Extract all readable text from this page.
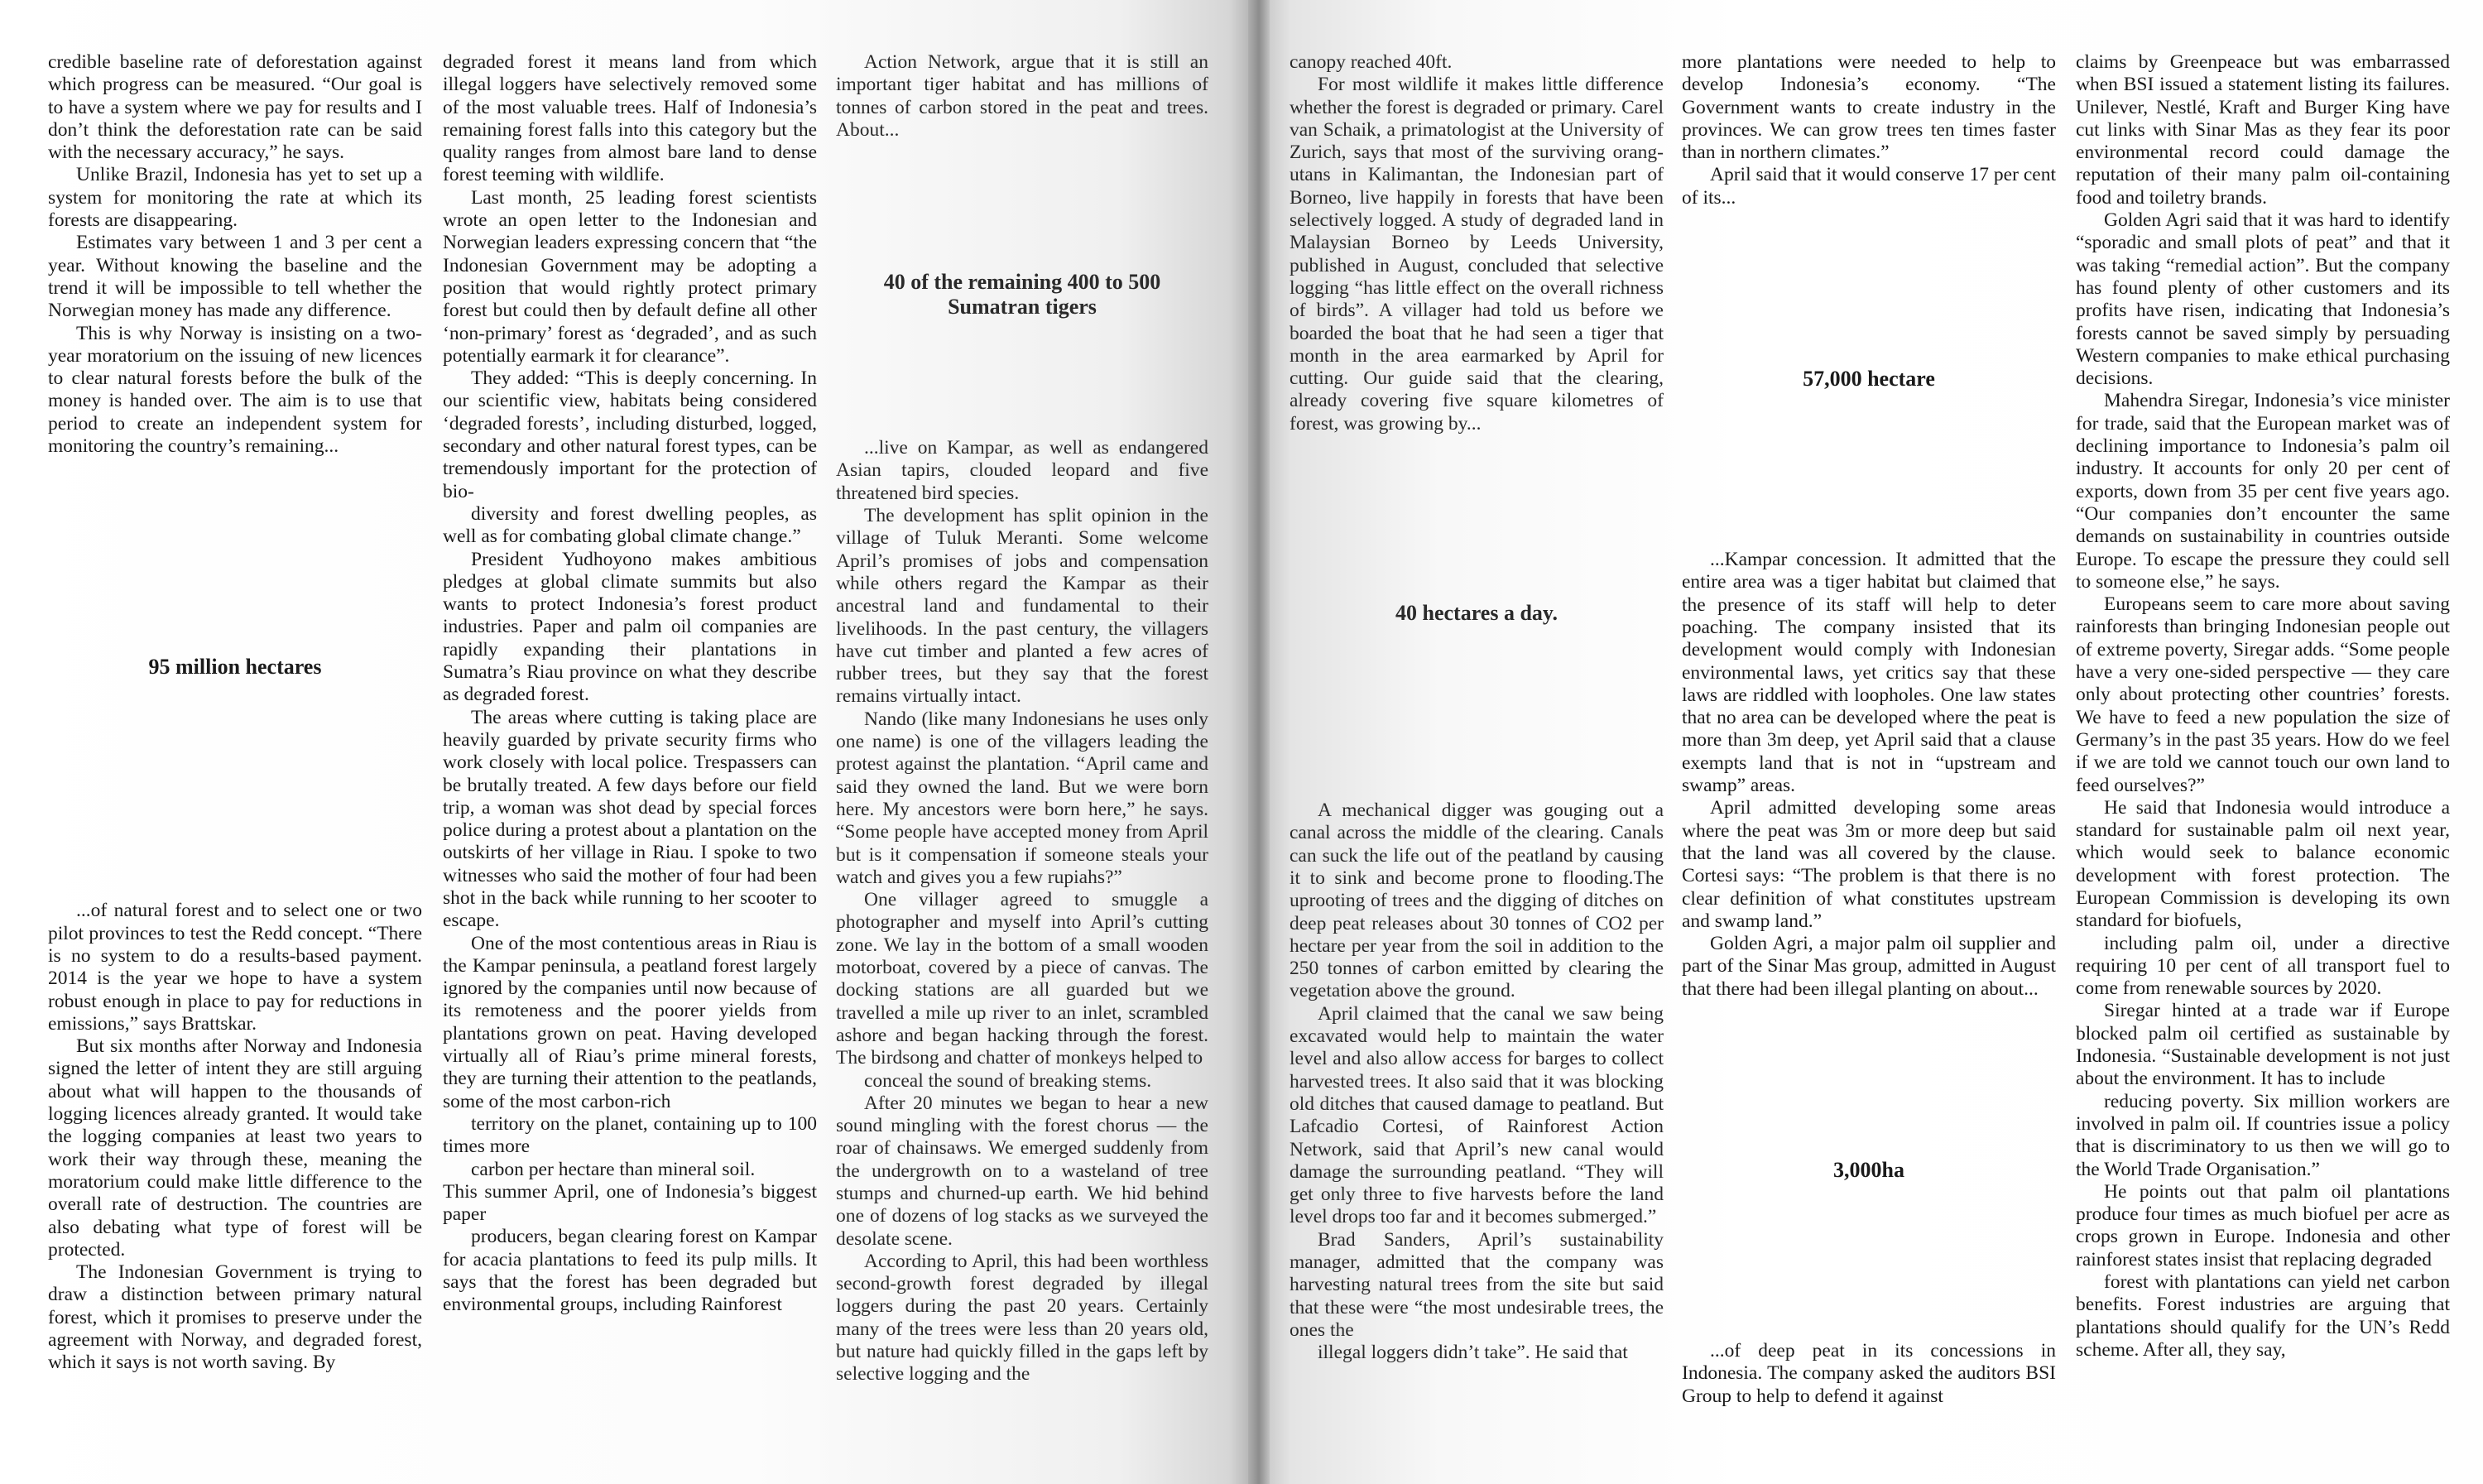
credible baseline rate of deforestation against which progress can be measured. “Our goal is to have a system where we pay for results and I don’t think the deforestation rate can be said with the necessary accuracy,” he says.

Unlike Brazil, Indonesia has yet to set up a system for monitoring the rate at which its forests are disappearing.

Estimates vary between 1 and 3 per cent a year. Without knowing the baseline and the trend it will be impossible to tell whether the Norwegian money has made any difference.

This is why Norway is insisting on a two-year moratorium on the issuing of new licences to clear natural forests before the bulk of the money is handed over. The aim is to use that period to create an independent system for monitoring the country’s remaining...

95 million hectares

...of natural forest and to select one or two pilot provinces to test the Redd concept. “There is no system to do a results-based payment. 2014 is the year we hope to have a system robust enough in place to pay for reductions in emissions,” says Brattskar.

But six months after Norway and Indonesia signed the letter of intent they are still arguing about what will happen to the thousands of logging licences already granted. It would take the logging companies at least two years to work their way through these, meaning the moratorium could make little difference to the overall rate of destruction. The countries are also debating what type of forest will be protected.

The Indonesian Government is trying to draw a distinction between primary natural forest, which it promises to preserve under the agreement with Norway, and degraded forest, which it says is not worth saving. By

degraded forest it means land from which illegal loggers have selectively removed some of the most valuable trees. Half of Indonesia’s remaining forest falls into this category but the quality ranges from almost bare land to dense forest teeming with wildlife.

Last month, 25 leading forest scientists wrote an open letter to the Indonesian and Norwegian leaders expressing concern that “the Indonesian Government may be adopting a position that would rightly protect primary forest but could then by default define all other ‘non-primary’ forest as ‘degraded’, and as such potentially earmark it for clearance”.

They added: “This is deeply concerning. In our scientific view, habitats being considered ‘degraded forests’, including disturbed, logged, secondary and other natural forest types, can be tremendously important for the protection of bio-

diversity and forest dwelling peoples, as well as for combating global climate change.”

President Yudhoyono makes ambitious pledges at global climate summits but also wants to protect Indonesia’s forest product industries. Paper and palm oil companies are rapidly expanding their plantations in Sumatra’s Riau province on what they describe as degraded forest.

The areas where cutting is taking place are heavily guarded by private security firms who work closely with local police. Trespassers can be brutally treated. A few days before our field trip, a woman was shot dead by special forces police during a protest about a plantation on the outskirts of her village in Riau. I spoke to two witnesses who said the mother of four had been shot in the back while running to her scooter to escape.

One of the most contentious areas in Riau is the Kampar peninsula, a peatland forest largely ignored by the companies until now because of its remoteness and the poorer yields from plantations grown on peat. Having developed virtually all of Riau’s prime mineral forests, they are turning their attention to the peatlands, some of the most carbon-rich

territory on the planet, containing up to 100 times more

carbon per hectare than mineral soil.

This summer April, one of Indonesia’s biggest paper

producers, began clearing forest on Kampar for acacia plantations to feed its pulp mills. It says that the forest has been degraded but environmental groups, including Rainforest

Action Network, argue that it is still an important tiger habitat and has millions of tonnes of carbon stored in the peat and trees. About...

40 of the remaining 400 to 500 Sumatran tigers

...live on Kampar, as well as endangered Asian tapirs, clouded leopard and five threatened bird species.

The development has split opinion in the village of Tuluk Meranti. Some welcome April’s promises of jobs and compensation while others regard the Kampar as their ancestral land and fundamental to their livelihoods. In the past century, the villagers have cut timber and planted a few acres of rubber trees, but they say that the forest remains virtually intact.

Nando (like many Indonesians he uses only one name) is one of the villagers leading the protest against the plantation. “April came and said they owned the land. But we were born here. My ancestors were born here,” he says. “Some people have accepted money from April but is it compensation if someone steals your watch and gives you a few rupiahs?”

One villager agreed to smuggle a photographer and myself into April’s cutting zone. We lay in the bottom of a small wooden motorboat, covered by a piece of canvas. The docking stations are all guarded but we travelled a mile up river to an inlet, scrambled ashore and began hacking through the forest. The birdsong and chatter of monkeys helped to

conceal the sound of breaking stems.

After 20 minutes we began to hear a new sound mingling with the forest chorus — the roar of chainsaws. We emerged suddenly from the undergrowth on to a wasteland of tree stumps and churned-up earth. We hid behind one of dozens of log stacks as we surveyed the desolate scene.

According to April, this had been worthless second-growth forest degraded by illegal loggers during the past 20 years. Certainly many of the trees were less than 20 years old, but nature had quickly filled in the gaps left by selective logging and the

canopy reached 40ft.

For most wildlife it makes little difference whether the forest is degraded or primary. Carel van Schaik, a primatologist at the University of Zurich, says that most of the surviving orang-utans in Kalimantan, the Indonesian part of Borneo, live happily in forests that have been selectively logged. A study of degraded land in Malaysian Borneo by Leeds University, published in August, concluded that selective logging “has little effect on the overall richness of birds”. A villager had told us before we boarded the boat that he had seen a tiger that month in the area earmarked by April for cutting. Our guide said that the clearing, already covering five square kilometres of forest, was growing by...

40 hectares a day.

A mechanical digger was gouging out a canal across the middle of the clearing. Canals can suck the life out of the peatland by causing it to sink and become prone to flooding.The uprooting of trees and the digging of ditches on deep peat releases about 30 tonnes of CO2 per hectare per year from the soil in addition to the 250 tonnes of carbon emitted by clearing the vegetation above the ground.

April claimed that the canal we saw being excavated would help to maintain the water level and also allow access for barges to collect harvested trees. It also said that it was blocking old ditches that caused damage to peatland. But Lafcadio Cortesi, of Rainforest Action Network, said that April’s new canal would damage the surrounding peatland. “They will get only three to five harvests before the land level drops too far and it becomes submerged.”

Brad Sanders, April’s sustainability manager, admitted that the company was harvesting natural trees from the site but said that these were “the most undesirable trees, the ones the

illegal loggers didn’t take”. He said that

more plantations were needed to help to develop Indonesia’s economy. “The Government wants to create industry in the provinces. We can grow trees ten times faster than in northern climates.”

April said that it would conserve 17 per cent of its...

57,000 hectare

...Kampar concession. It admitted that the entire area was a tiger habitat but claimed that the presence of its staff will help to deter poaching. The company insisted that its development would comply with Indonesian environmental laws, yet critics say that these laws are riddled with loopholes. One law states that no area can be developed where the peat is more than 3m deep, yet April said that a clause exempts land that is not in “upstream and swamp” areas.

April admitted developing some areas where the peat was 3m or more deep but said that the land was all covered by the clause. Cortesi says: “The problem is that there is no clear definition of what constitutes upstream and swamp land.”

Golden Agri, a major palm oil supplier and part of the Sinar Mas group, admitted in August that there had been illegal planting on about...

3,000ha

...of deep peat in its concessions in Indonesia. The company asked the auditors BSI Group to help to defend it against

claims by Greenpeace but was embarrassed when BSI issued a statement listing its failures. Unilever, Nestlé, Kraft and Burger King have cut links with Sinar Mas as they fear its poor environmental record could damage the reputation of their many palm oil-containing food and toiletry brands.

Golden Agri said that it was hard to identify “sporadic and small plots of peat” and that it was taking “remedial action”. But the company has found plenty of other customers and its profits have risen, indicating that Indonesia’s forests cannot be saved simply by persuading Western companies to make ethical purchasing decisions.

Mahendra Siregar, Indonesia’s vice minister for trade, said that the European market was of declining importance to Indonesia’s palm oil industry. It accounts for only 20 per cent of exports, down from 35 per cent five years ago. “Our companies don’t encounter the same demands on sustainability in countries outside Europe. To escape the pressure they could sell to someone else,” he says.

Europeans seem to care more about saving rainforests than bringing Indonesian people out of extreme poverty, Siregar adds. “Some people have a very one-sided perspective — they care only about protecting other countries’ forests. We have to feed a new population the size of Germany’s in the past 35 years. How do we feel if we are told we cannot touch our own land to feed ourselves?”

He said that Indonesia would introduce a standard for sustainable palm oil next year, which would seek to balance economic development with forest protection. The European Commission is developing its own standard for biofuels,

including palm oil, under a directive requiring 10 per cent of all transport fuel to come from renewable sources by 2020.

Siregar hinted at a trade war if Europe blocked palm oil certified as sustainable by Indonesia. “Sustainable development is not just about the environment. It has to include

reducing poverty. Six million workers are involved in palm oil. If countries issue a policy that is discriminatory to us then we will go to the World Trade Organisation.”

He points out that palm oil plantations produce four times as much biofuel per acre as crops grown in Europe. Indonesia and other rainforest states insist that replacing degraded

forest with plantations can yield net carbon benefits. Forest industries are arguing that plantations should qualify for the UN’s Redd scheme. After all, they say,
